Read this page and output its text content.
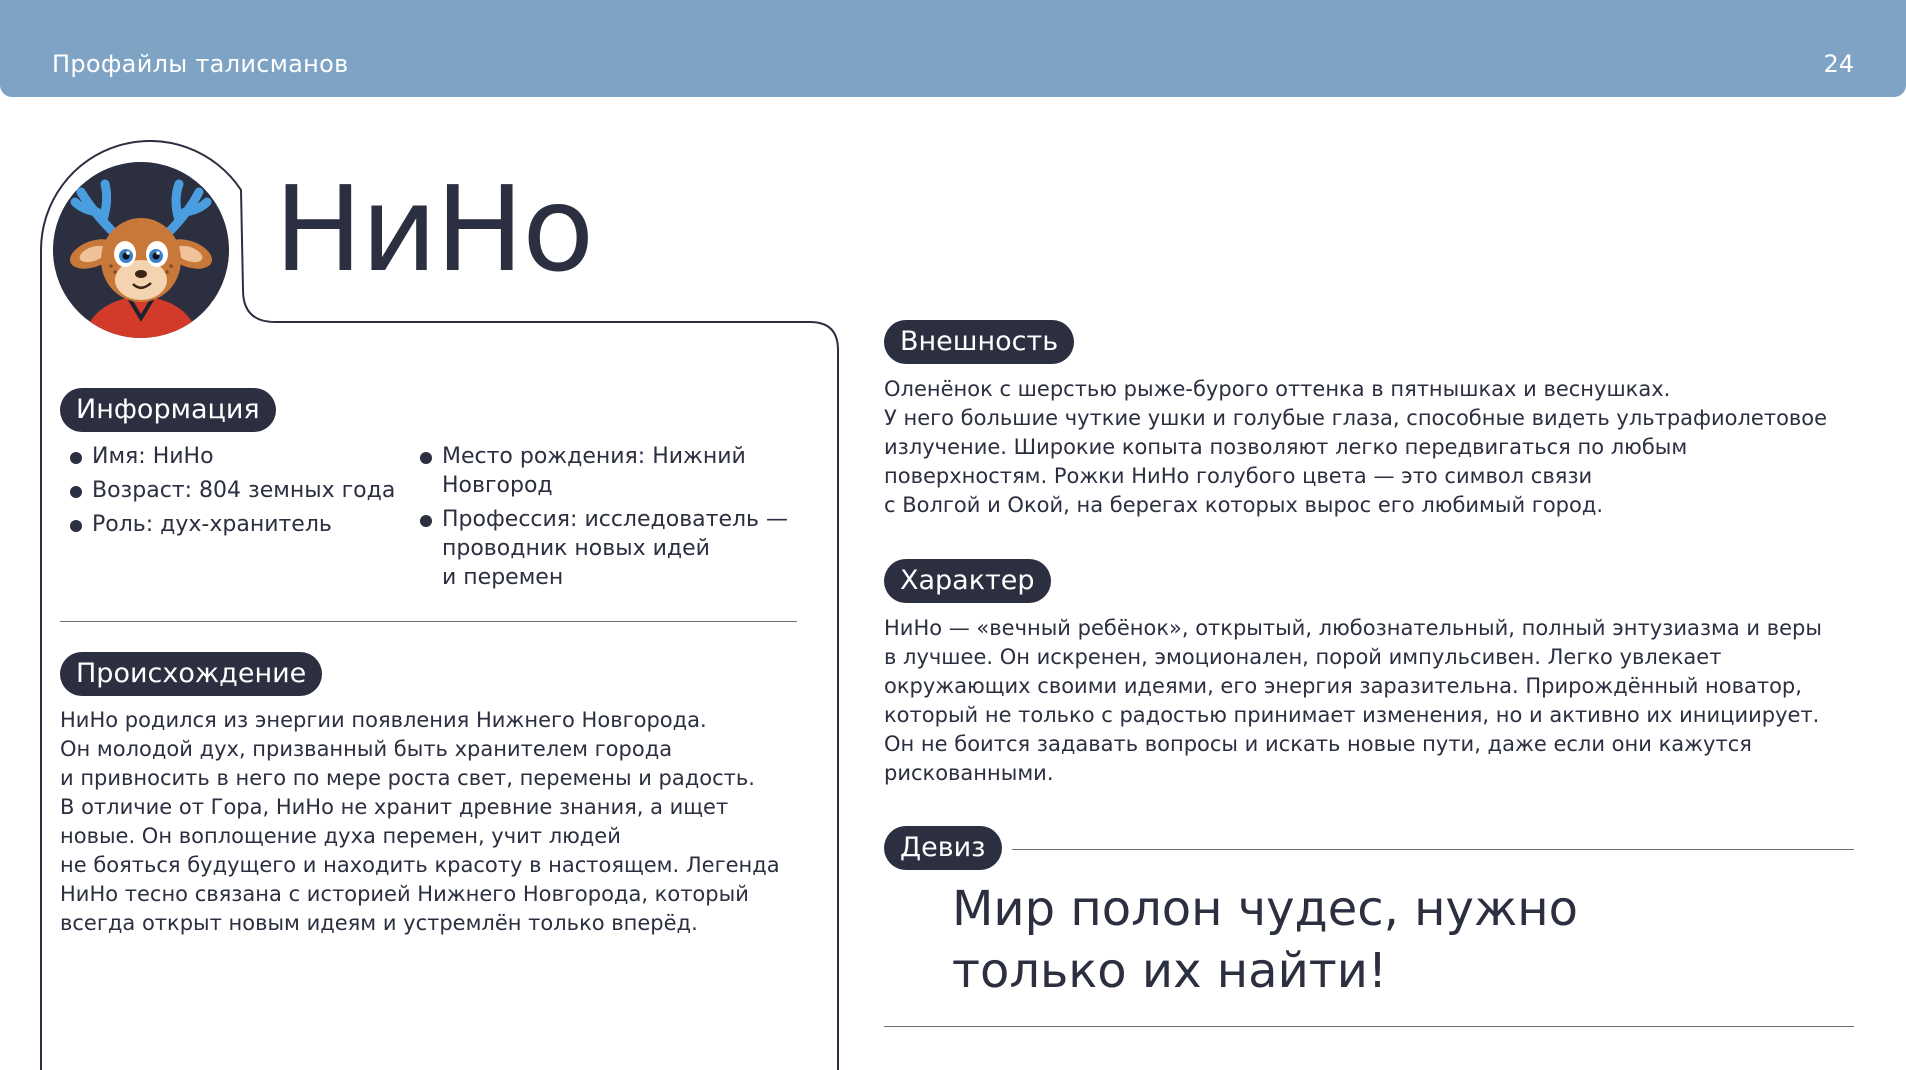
Профайлы талисманов	24
НиНо
Информация
Имя: НиНо
Возраст: 804 земных года
Роль: дух-хранитель
Место рождения: Нижний
Новгород
Профессия: исследователь —
проводник новых идей
и перемен
Происхождение
НиНо родился из энергии появления Нижнего Новгорода.
Он молодой дух, призванный быть хранителем города
и привносить в него по мере роста свет, перемены и радость.
В отличие от Гора, НиНо не хранит древние знания, а ищет
новые. Он воплощение духа перемен, учит людей
не бояться будущего и находить красоту в настоящем. Легенда
НиНо тесно связана с историей Нижнего Новгорода, который
всегда открыт новым идеям и устремлён только вперёд.
Внешность
Оленёнок с шерстью рыже-бурого оттенка в пятнышках и веснушках.
У него большие чуткие ушки и голубые глаза, способные видеть ультрафиолетовое
излучение. Широкие копыта позволяют легко передвигаться по любым
поверхностям. Рожки НиНо голубого цвета — это символ связи
с Волгой и Окой, на берегах которых вырос его любимый город.
Характер
НиНо — «вечный ребёнок», открытый, любознательный, полный энтузиазма и веры
в лучшее. Он искренен, эмоционален, порой импульсивен. Легко увлекает
окружающих своими идеями, его энергия заразительна. Прирождённый новатор,
который не только с радостью принимает изменения, но и активно их инициирует.
Он не боится задавать вопросы и искать новые пути, даже если они кажутся
рискованными.
Девиз
Мир полон чудес, нужно
только их найти!
